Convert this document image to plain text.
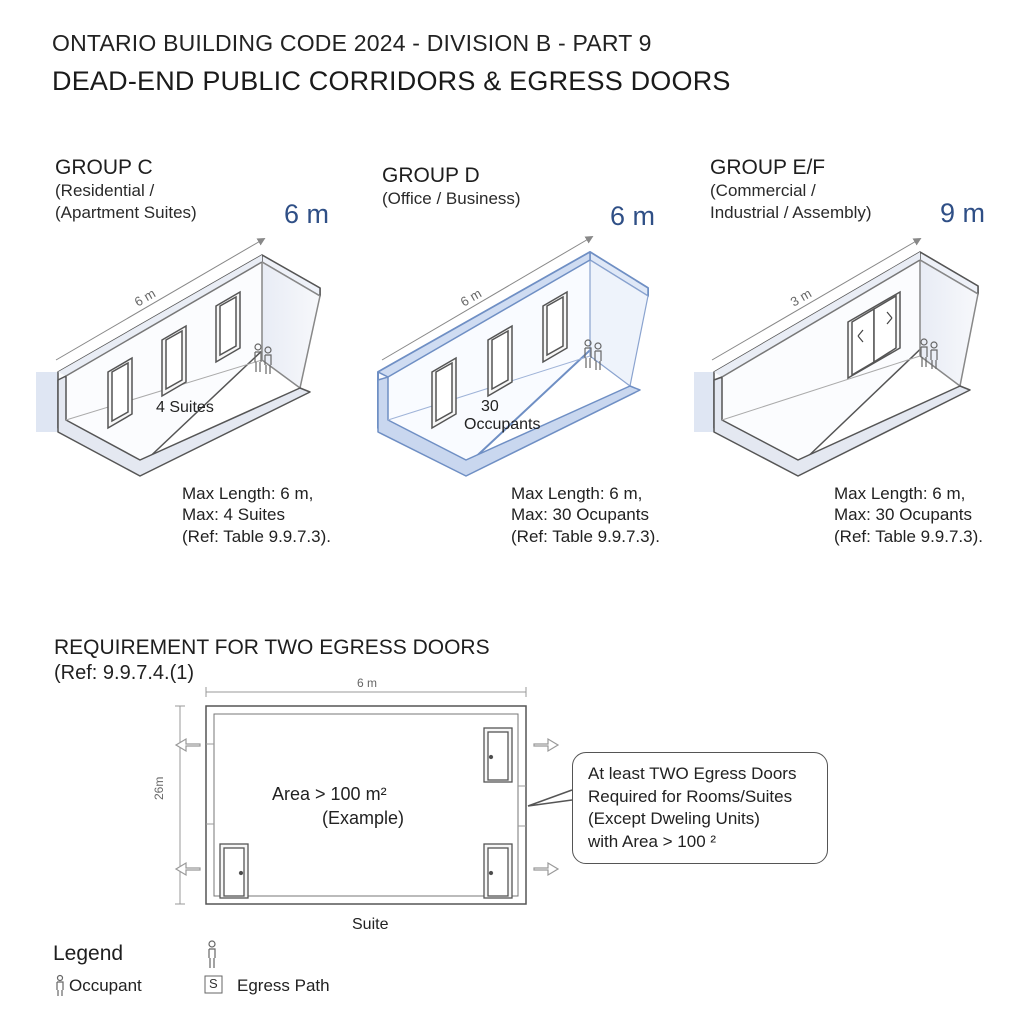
ONTARIO BUILDING CODE 2024 - DIVISION B - PART 9
DEAD-END PUBLIC CORRIDORS & EGRESS DOORS
GROUP C
(Residential /
(Apartment Suites)	6 m
GROUP D
(Office / Business)
6 m
GROUP E/F
(Commercial /
Industrial / Assembly)	9 m
6 m	6 m	3 m
4 Suites	30
Occupants
Max Length: 6 m,
Max: 4 Suites
(Ref: Table 9.9.7.3).
Max Length: 6 m,
Max: 30 Ocupants
(Ref: Table 9.9.7.3).
Max Length: 6 m,
Max: 30 Ocupants
(Ref: Table 9.9.7.3).
REQUIREMENT FOR TWO EGRESS DOORS
(Ref: 9.9.7.4.(1)	6 m
26m	Area > 100 m²
(Example)
Suite
At least TWO Egress Doors
Required for Rooms/Suites
(Except Dweling Units)
with Area > 100 ²
Legend
Occupant	S Egress Path
